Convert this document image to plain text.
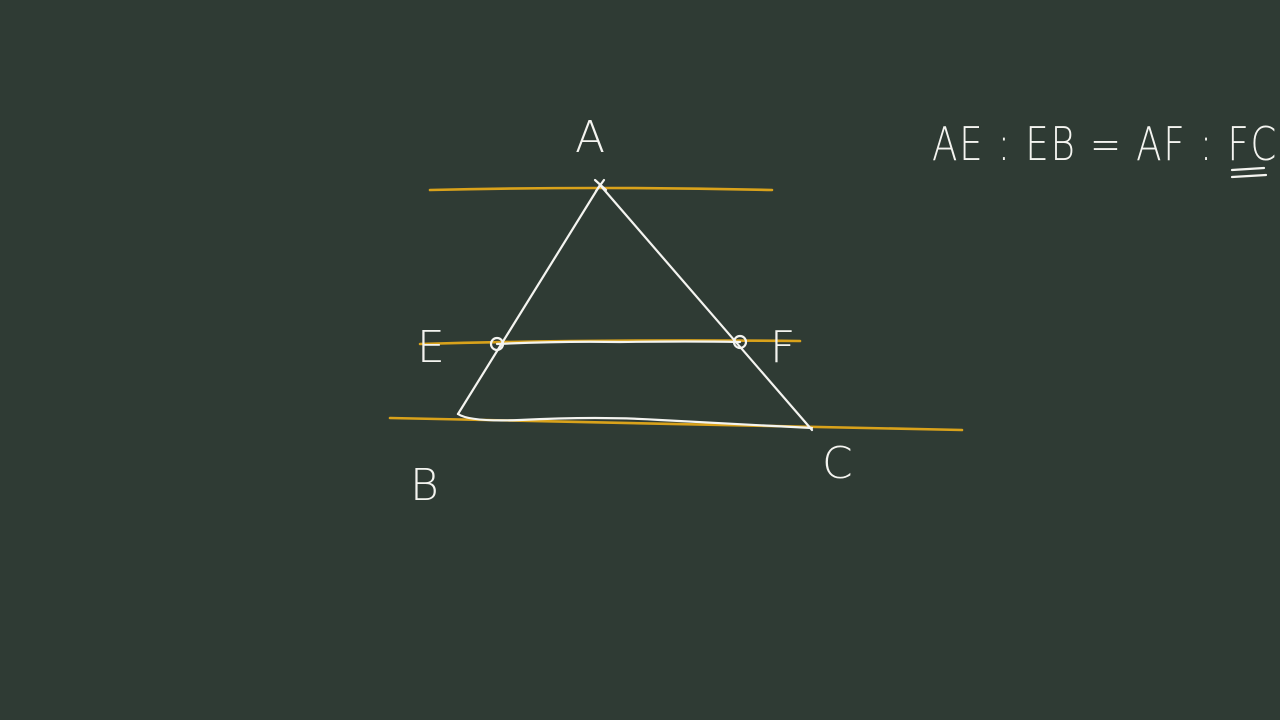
A
E	F
B	C
AE : EB = AF : FC
